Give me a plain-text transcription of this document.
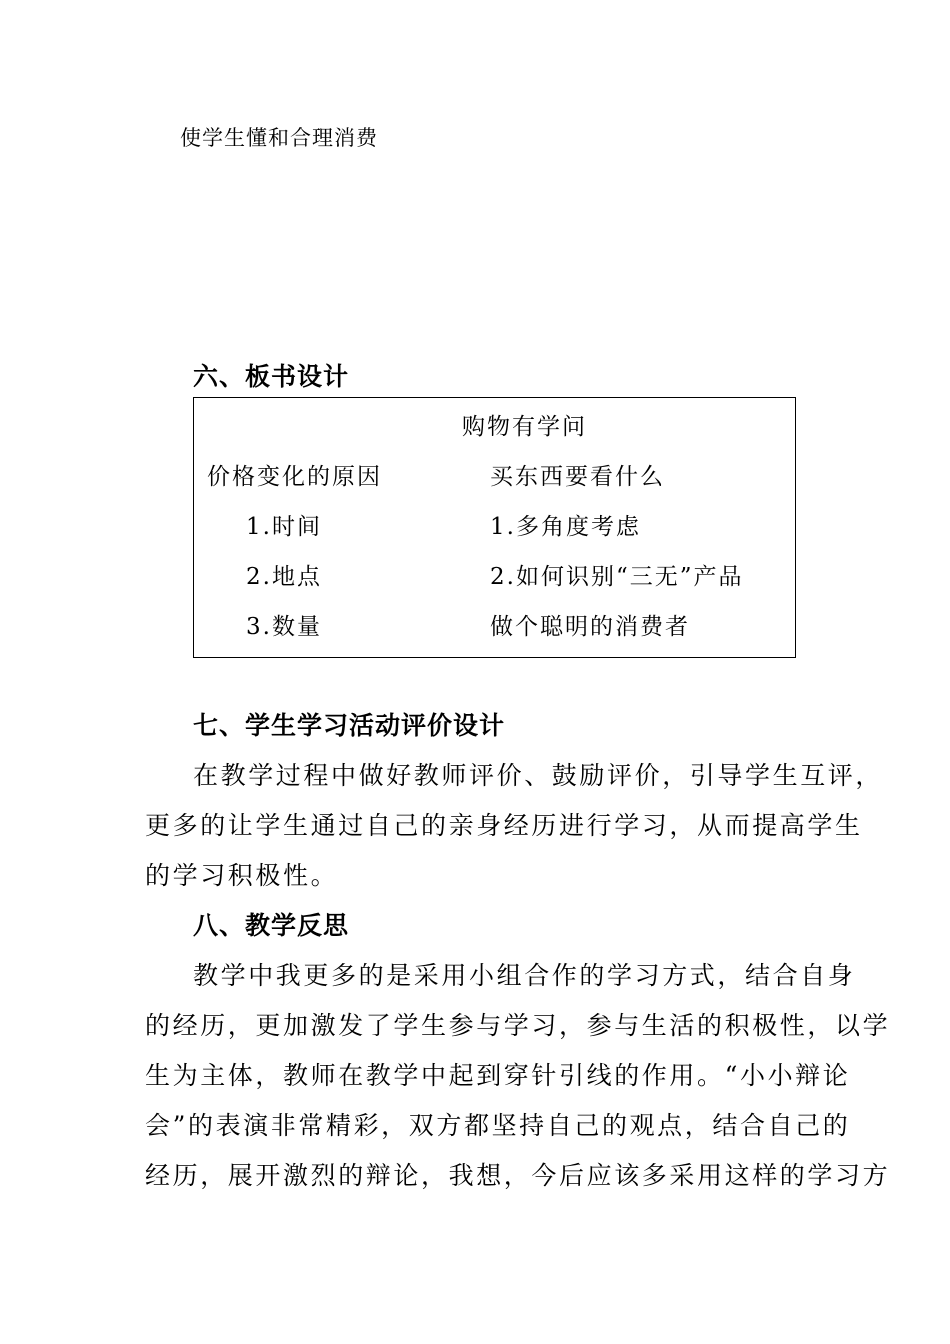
使学生懂和合理消费
六、板书设计
购物有学问
价格变化的原因
1.时间
2.地点
3.数量
买东西要看什么
1.多角度考虑
2.如何识别“三无”产品
做个聪明的消费者
七、学生学习活动评价设计
在教学过程中做好教师评价、鼓励评价，引导学生互评，
更多的让学生通过自己的亲身经历进行学习，从而提高学生
的学习积极性。
八、教学反思
教学中我更多的是采用小组合作的学习方式，结合自身
的经历，更加激发了学生参与学习，参与生活的积极性，以学
生为主体，教师在教学中起到穿针引线的作用。“小小辩论
会”的表演非常精彩，双方都坚持自己的观点，结合自己的
经历，展开激烈的辩论，我想，今后应该多采用这样的学习方
